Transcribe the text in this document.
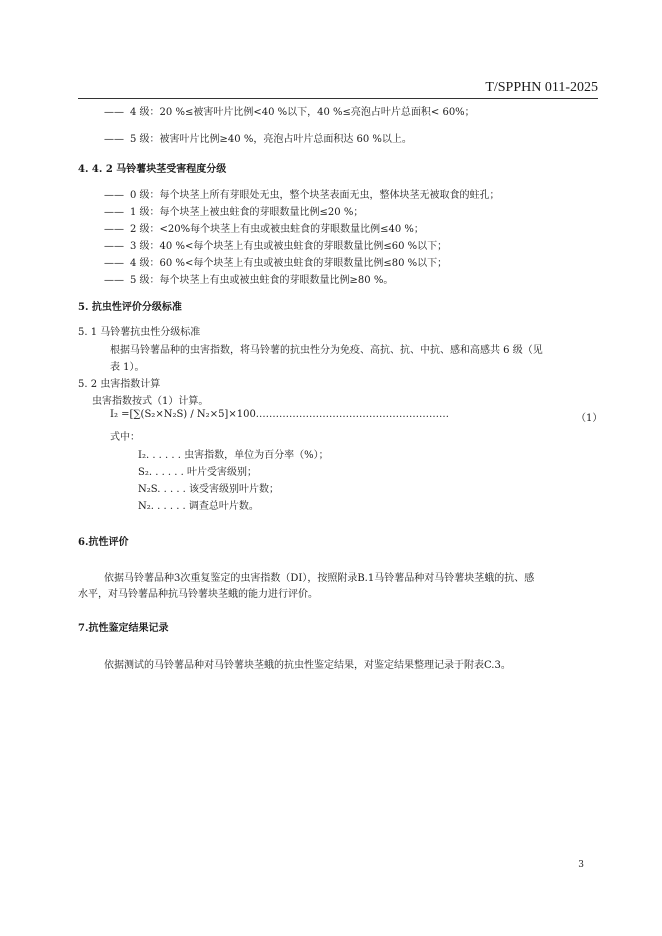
T/SPPHN 011-2025
—— 4 级：20 %≤被害叶片比例<40 %以下，40 %≤亮泡占叶片总面积< 60%；
—— 5 级：被害叶片比例≥40 %，亮泡占叶片总面积达 60 %以上。
4. 4. 2 马铃薯块茎受害程度分级
—— 0 级：每个块茎上所有芽眼处无虫，整个块茎表面无虫，整体块茎无被取食的蛀孔；
—— 1 级：每个块茎上被虫蛀食的芽眼数量比例≤20 %；
—— 2 级：<20%每个块茎上有虫或被虫蛀食的芽眼数量比例≤40 %；
—— 3 级：40 %<每个块茎上有虫或被虫蛀食的芽眼数量比例≤60 %以下；
—— 4 级：60 %<每个块茎上有虫或被虫蛀食的芽眼数量比例≤80 %以下；
—— 5 级：每个块茎上有虫或被虫蛀食的芽眼数量比例≥80 %。
5. 抗虫性评价分级标准
5. 1 马铃薯抗虫性分级标准
根据马铃薯品种的虫害指数，将马铃薯的抗虫性分为免疫、高抗、抗、中抗、感和高感共 6 级（见
表 1）。
5. 2 虫害指数计算
虫害指数按式（1）计算。
I₂ =[∑(S₂×N₂S) / N₂×5]×100.…………………………………………………	（1）
式中：
I₂. . . . . . 虫害指数，单位为百分率（%）；
S₂. . . . . . 叶片受害级别；
N₂S. . . . . 该受害级别叶片数；
N₂. . . . . . 调查总叶片数。
6.抗性评价
依据马铃薯品种3次重复鉴定的虫害指数（DI），按照附录B.1马铃薯品种对马铃薯块茎蛾的抗、感
水平，对马铃薯品种抗马铃薯块茎蛾的能力进行评价。
7.抗性鉴定结果记录
依据测试的马铃薯品种对马铃薯块茎蛾的抗虫性鉴定结果，对鉴定结果整理记录于附表C.3。
3
